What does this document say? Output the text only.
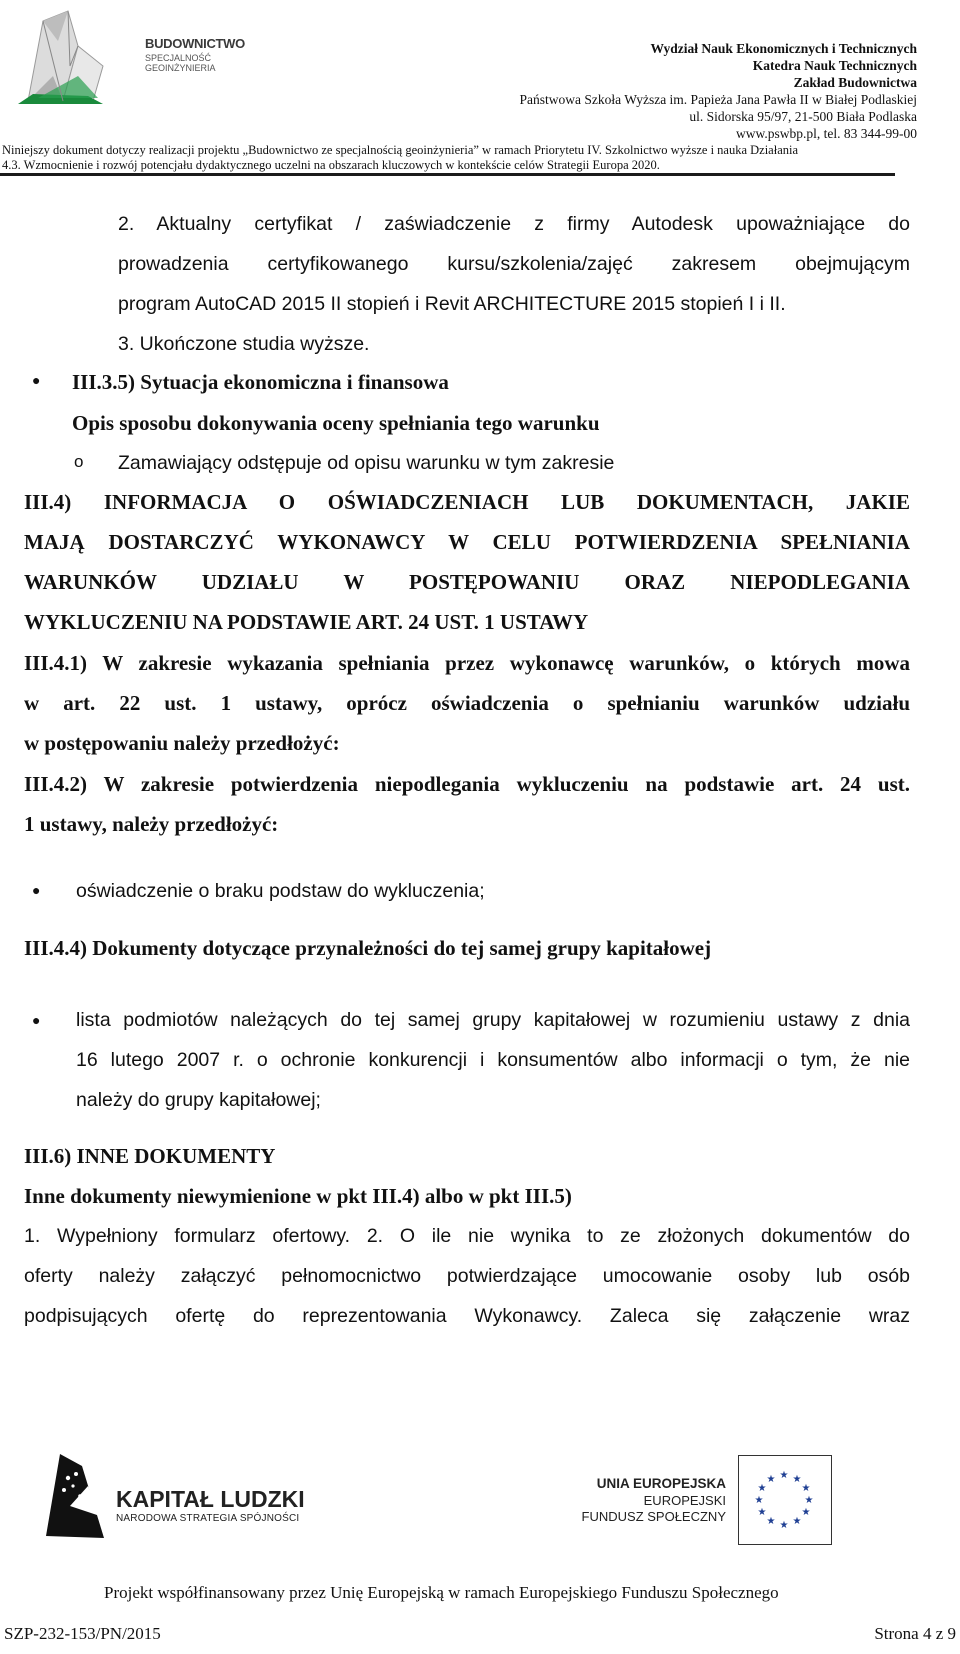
BUDOWNICTWO
SPECJALNOŚĆ
GEOINŻYNIERIA
Wydział Nauk Ekonomicznych i Technicznych
Katedra Nauk Technicznych
Zakład Budownictwa
Państwowa Szkoła Wyższa im. Papieża Jana Pawła II w Białej Podlaskiej
ul. Sidorska 95/97, 21-500 Biała Podlaska
www.pswbp.pl, tel. 83 344-99-00
Niniejszy dokument dotyczy realizacji projektu „Budownictwo ze specjalnością geoinżynieria” w ramach Priorytetu IV. Szkolnictwo wyższe i nauka Działania
4.3. Wzmocnienie i rozwój potencjału dydaktycznego uczelni na obszarach kluczowych w kontekście celów Strategii Europa 2020.
2. Aktualny certyfikat / zaświadczenie z firmy Autodesk upoważniające do
prowadzenia certyfikowanego kursu/szkolenia/zajęć zakresem obejmującym
program AutoCAD 2015 II stopień i Revit ARCHITECTURE 2015 stopień I i II.
3. Ukończone studia wyższe.
● III.3.5) Sytuacja ekonomiczna i finansowa
Opis sposobu dokonywania oceny spełniania tego warunku
o Zamawiający odstępuje od opisu warunku w tym zakresie
III.4) INFORMACJA O OŚWIADCZENIACH LUB DOKUMENTACH, JAKIE
MAJĄ DOSTARCZYĆ WYKONAWCY W CELU POTWIERDZENIA SPEŁNIANIA
WARUNKÓW UDZIAŁU W POSTĘPOWANIU ORAZ NIEPODLEGANIA
WYKLUCZENIU NA PODSTAWIE ART. 24 UST. 1 USTAWY
III.4.1) W zakresie wykazania spełniania przez wykonawcę warunków, o których mowa
w art. 22 ust. 1 ustawy, oprócz oświadczenia o spełnianiu warunków udziału
w postępowaniu należy przedłożyć:
III.4.2) W zakresie potwierdzenia niepodlegania wykluczeniu na podstawie art. 24 ust.
1 ustawy, należy przedłożyć:
● oświadczenie o braku podstaw do wykluczenia;
III.4.4) Dokumenty dotyczące przynależności do tej samej grupy kapitałowej
● lista podmiotów należących do tej samej grupy kapitałowej w rozumieniu ustawy z dnia
16 lutego 2007 r. o ochronie konkurencji i konsumentów albo informacji o tym, że nie
należy do grupy kapitałowej;
III.6) INNE DOKUMENTY
Inne dokumenty niewymienione w pkt III.4) albo w pkt III.5)
1. Wypełniony formularz ofertowy. 2. O ile nie wynika to ze złożonych dokumentów do
oferty należy załączyć pełnomocnictwo potwierdzające umocowanie osoby lub osób
podpisujących ofertę do reprezentowania Wykonawcy. Zaleca się załączenie wraz
KAPITAŁ LUDZKI
NARODOWA STRATEGIA SPÓJNOŚCI
UNIA EUROPEJSKA
EUROPEJSKI
FUNDUSZ SPOŁECZNY
★ ★
★
★
★
★
★
★
★
★
★
★
Projekt współfinansowany przez Unię Europejską w ramach Europejskiego Funduszu Społecznego
SZP-232-153/PN/2015	Strona 4 z 9
